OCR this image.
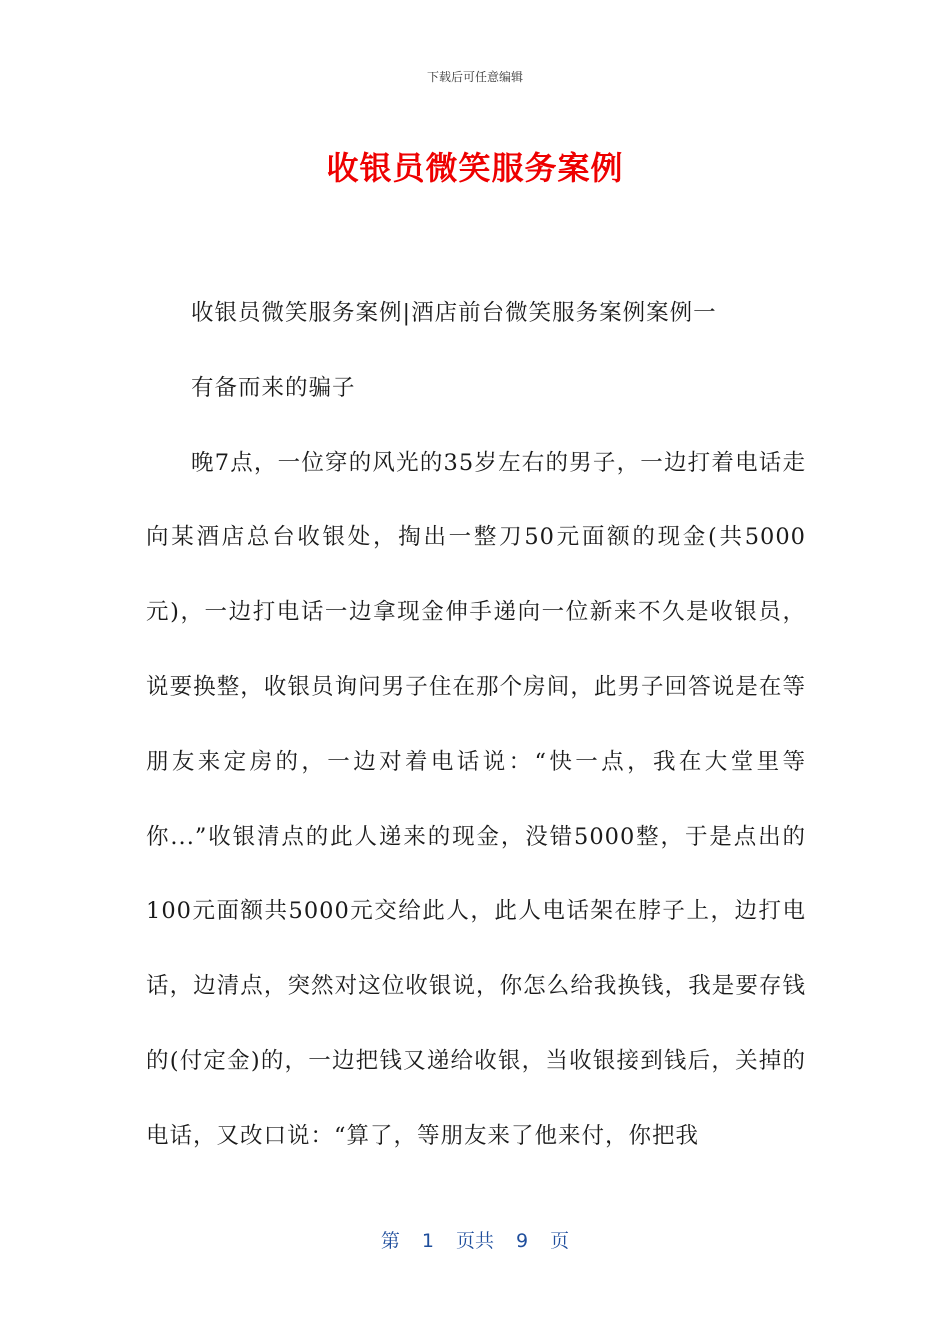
下载后可任意编辑
收银员微笑服务案例

收银员微笑服务案例|酒店前台微笑服务案例案例一

有备而来的骗子

晚7点，一位穿的风光的35岁左右的男子，一边打着电话走向某酒店总台收银处，掏出一整刀50元面额的现金(共5000元)，一边打电话一边拿现金伸手递向一位新来不久是收银员，说要换整，收银员询问男子住在那个房间，此男子回答说是在等朋友来定房的，一边对着电话说：“快一点，我在大堂里等你...”收银清点的此人递来的现金，没错5000整，于是点出的100元面额共5000元交给此人，此人电话架在脖子上，边打电话，边清点，突然对这位收银说，你怎么给我换钱，我是要存钱的(付定金)的，一边把钱又递给收银，当收银接到钱后，关掉的电话，又改口说：“算了，等朋友来了他来付，你把我

第 1 页共 9 页
